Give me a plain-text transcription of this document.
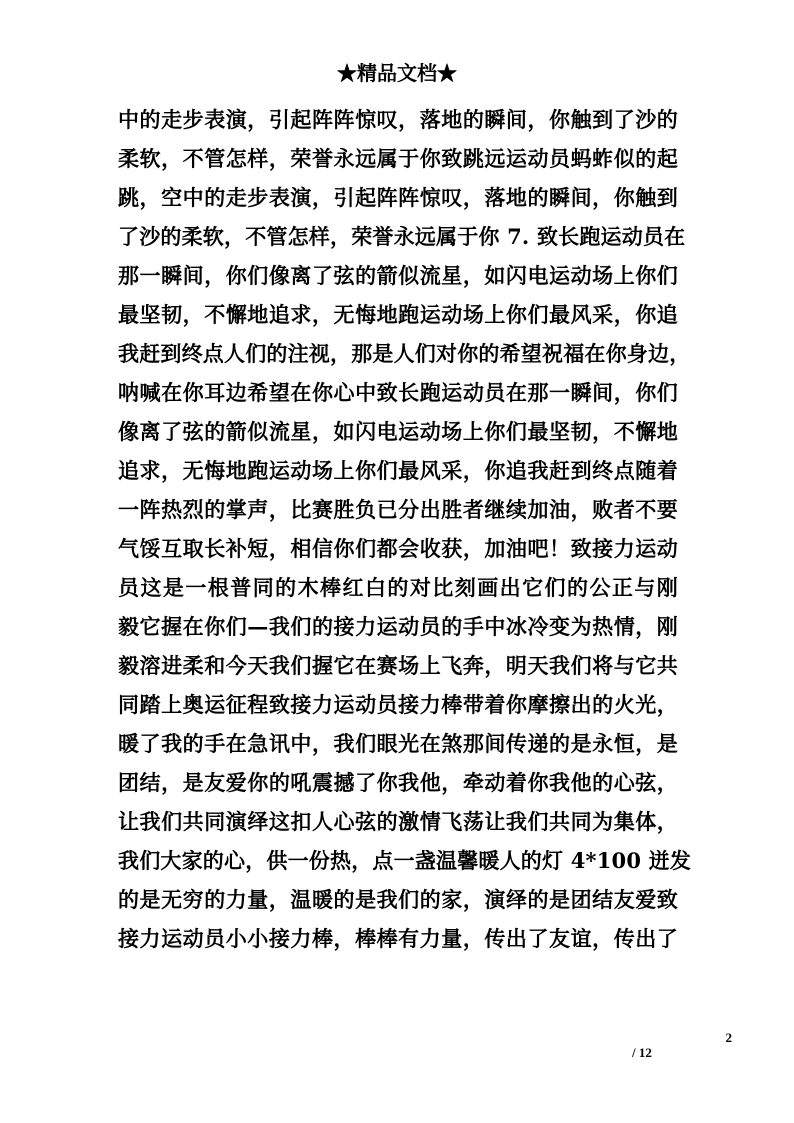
★精品文档★
中的走步表演，引起阵阵惊叹，落地的瞬间，你触到了沙的
柔软，不管怎样，荣誉永远属于你致跳远运动员蚂蚱似的起
跳，空中的走步表演，引起阵阵惊叹，落地的瞬间，你触到
了沙的柔软，不管怎样，荣誉永远属于你 7. 致长跑运动员在
那一瞬间，你们像离了弦的箭似流星，如闪电运动场上你们
最坚韧，不懈地追求，无悔地跑运动场上你们最风采，你追
我赶到终点人们的注视，那是人们对你的希望祝福在你身边，
呐喊在你耳边希望在你心中致长跑运动员在那一瞬间，你们
像离了弦的箭似流星，如闪电运动场上你们最坚韧，不懈地
追求，无悔地跑运动场上你们最风采，你追我赶到终点随着
一阵热烈的掌声，比赛胜负已分出胜者继续加油，败者不要
气馁互取长补短，相信你们都会收获，加油吧！致接力运动
员这是一根普同的木棒红白的对比刻画出它们的公正与刚
毅它握在你们—我们的接力运动员的手中冰冷变为热情，刚
毅溶进柔和今天我们握它在赛场上飞奔，明天我们将与它共
同踏上奥运征程致接力运动员接力棒带着你摩擦出的火光，
暖了我的手在急讯中，我们眼光在煞那间传递的是永恒，是
团结，是友爱你的吼震撼了你我他，牵动着你我他的心弦，
让我们共同演绎这扣人心弦的激情飞荡让我们共同为集体，
我们大家的心，供一份热，点一盏温馨暖人的灯 4*100 迸发
的是无穷的力量，温暖的是我们的家，演绎的是团结友爱致
接力运动员小小接力棒，棒棒有力量，传出了友谊，传出了
2
/ 12
